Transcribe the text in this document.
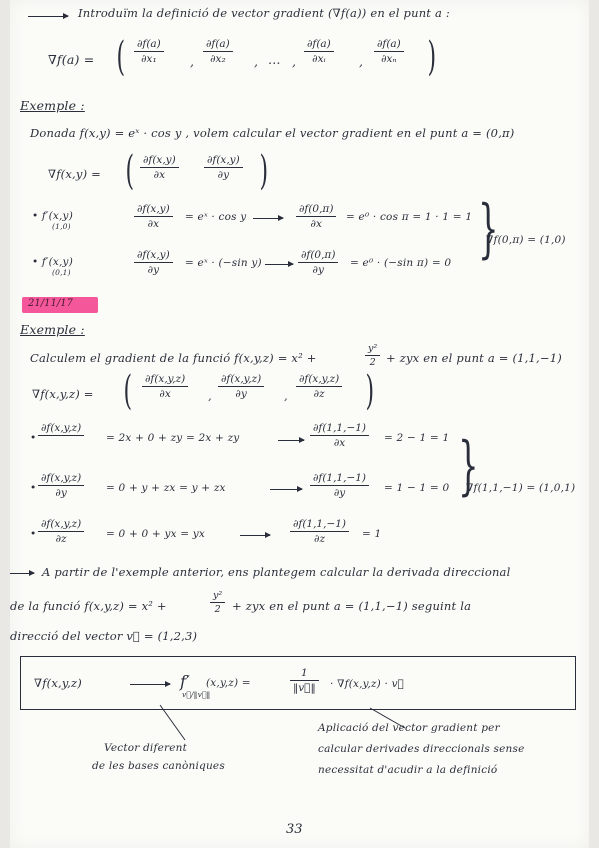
Introduïm la definició de vector gradient (∇f(a)) en el punt a :
∇f(a) = ( ∂f(a)
∂x₁	,
∂f(a)
∂x₂ , … ,
∂f(a)
∂xᵢ	,
∂f(a)
∂xₙ )
Exemple :
Donada f(x,y) = eˣ · cos y , volem calcular el vector gradient en el punt a = (0,π)
∇f(x,y) = ( ∂f(x,y)
∂x
∂f(x,y)
∂y )
• f′(x,y)
(1,0)
∂f(x,y)
∂x
= eˣ · cos y
∂f(0,π)
∂x
= e⁰ · cos π = 1 · 1 = 1
• f′(x,y)
(0,1)
∂f(x,y)
∂y
= eˣ · (−sin y)
∂f(0,π)
∂y
= e⁰ · (−sin π) = 0 }
∇f(0,π) = (1,0)
21/11/17
Exemple :
Calculem el gradient de la funció f(x,y,z) = x² +
y²
2 + zyx en el punt a = (1,1,−1)
∇f(x,y,z) = ( ∂f(x,y,z)
∂x	,
∂f(x,y,z)
∂y	,
∂f(x,y,z)
∂z )
•
∂f(x,y,z)
= 2x + 0 + zy = 2x + zy
∂f(1,1,−1)
∂x	= 2 − 1 = 1
•
∂f(x,y,z)
∂y	= 0 + y + zx = y + zx
∂f(1,1,−1)
∂y	= 1 − 1 = 0
•
∂f(x,y,z)
∂z	= 0 + 0 + yx = yx
∂f(1,1,−1)
∂z	= 1
}
∇f(1,1,−1) = (1,0,1)
A partir de l'exemple anterior, ens plantegem calcular la derivada direccional
de la funció f(x,y,z) = x² +
y²
2 + zyx en el punt a = (1,1,−1) seguint la
direcció del vector v⃗ = (1,2,3)
∇f(x,y,z)	f′
v⃗/‖v⃗‖
(x,y,z) =
1
‖v⃗‖ · ∇f(x,y,z) · v⃗
Vector diferent
de les bases canòniques
Aplicació del vector gradient per
calcular derivades direccionals sense
necessitat d'acudir a la definició
33
